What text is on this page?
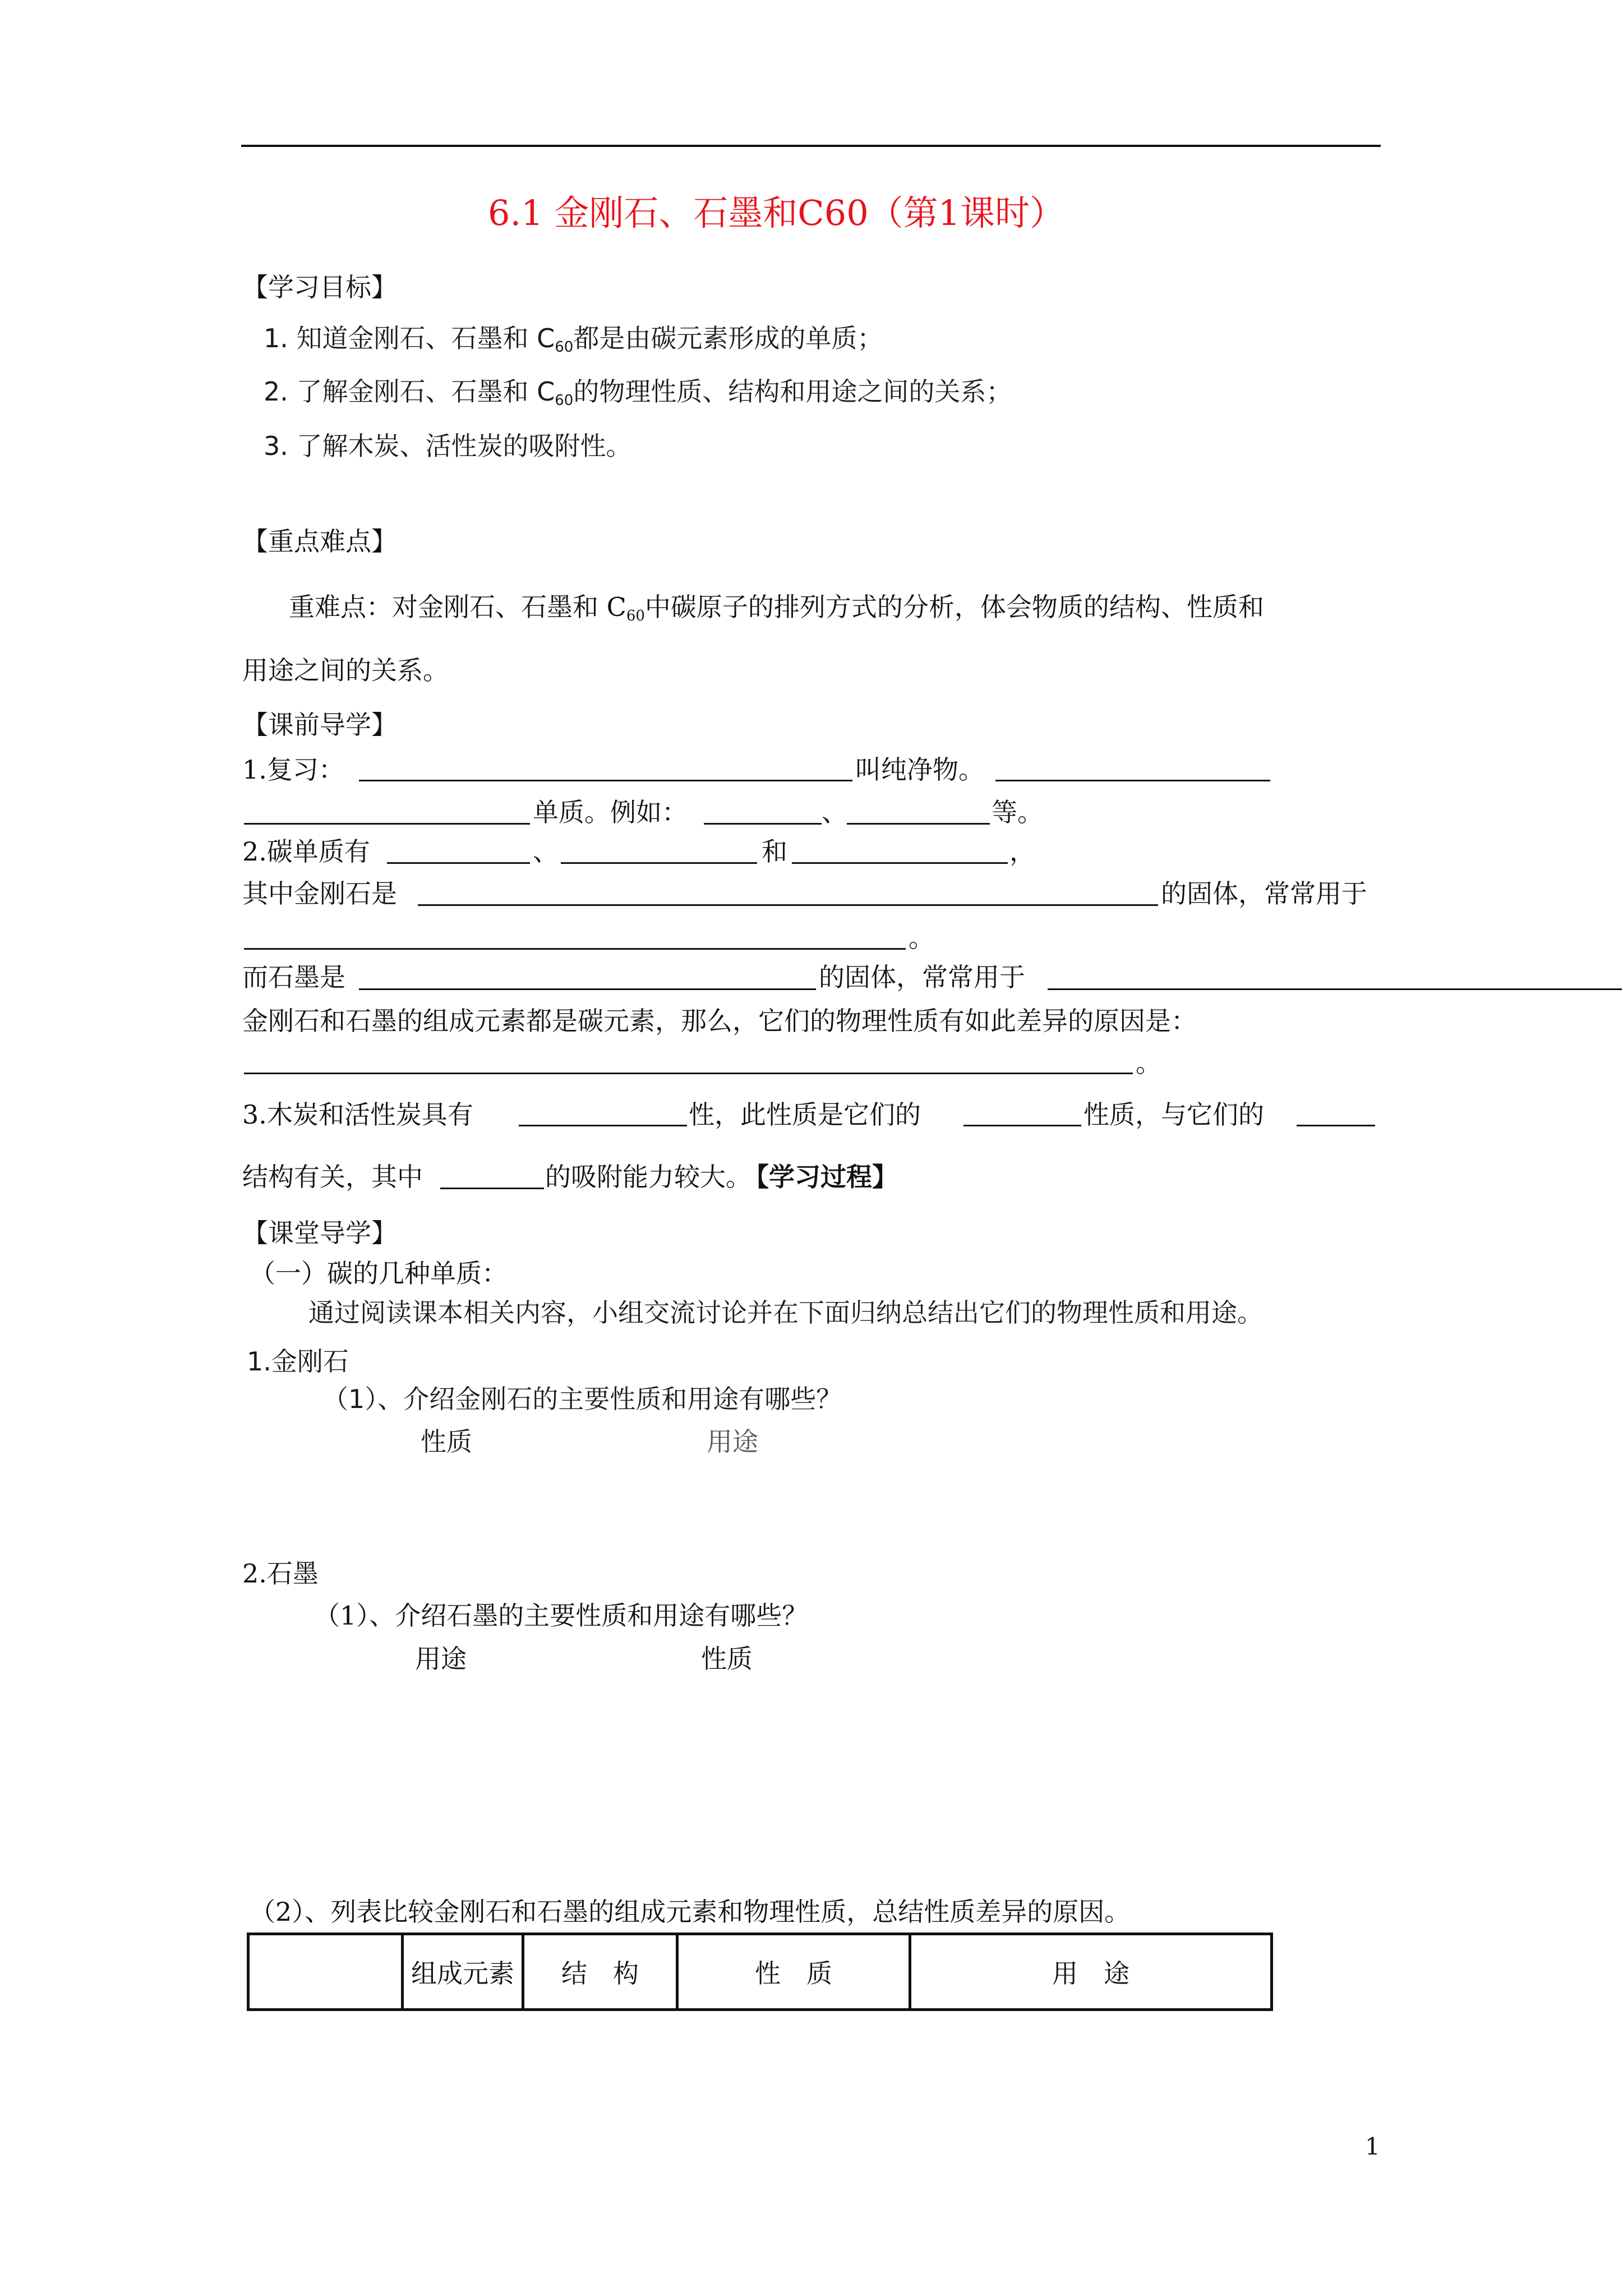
6.1 金刚石、石墨和C60（第1课时）
【学习目标】
1. 知道金刚石、石墨和 $C_{60}$都是由碳元素形成的单质；
2. 了解金刚石、石墨和 $C_{60}$的物理性质、结构和用途之间的关系；
3. 了解木炭、活性炭的吸附性。
【重点难点】
重难点：对金刚石、石墨和 $C_{60}$中碳原子的排列方式的分析，体会物质的结构、性质和
用途之间的关系。
【课前导学】
1.复习：	叫纯净物。
单质。例如：	、	等。
2.碳单质有	、	和	，
其中金刚石是	的固体，常常用于
。
而石墨是	的固体，常常用于
金刚石和石墨的组成元素都是碳元素，那么，它们的物理性质有如此差异的原因是：
。
3.木炭和活性炭具有	性，此性质是它们的	性质，与它们的
结构有关，其中	的吸附能力较大。
【学习过程】
【课堂导学】
（一）碳的几种单质：
通过阅读课本相关内容，小组交流讨论并在下面归纳总结出它们的物理性质和用途。
1.金刚石
（1）、介绍金刚石的主要性质和用途有哪些？
性质	用途
2.石墨
（1）、介绍石墨的主要性质和用途有哪些？
用途	性质
（2）、列表比较金刚石和石墨的组成元素和物理性质，总结性质差异的原因。
	组成元素	结　构	性　质	用　途
1
